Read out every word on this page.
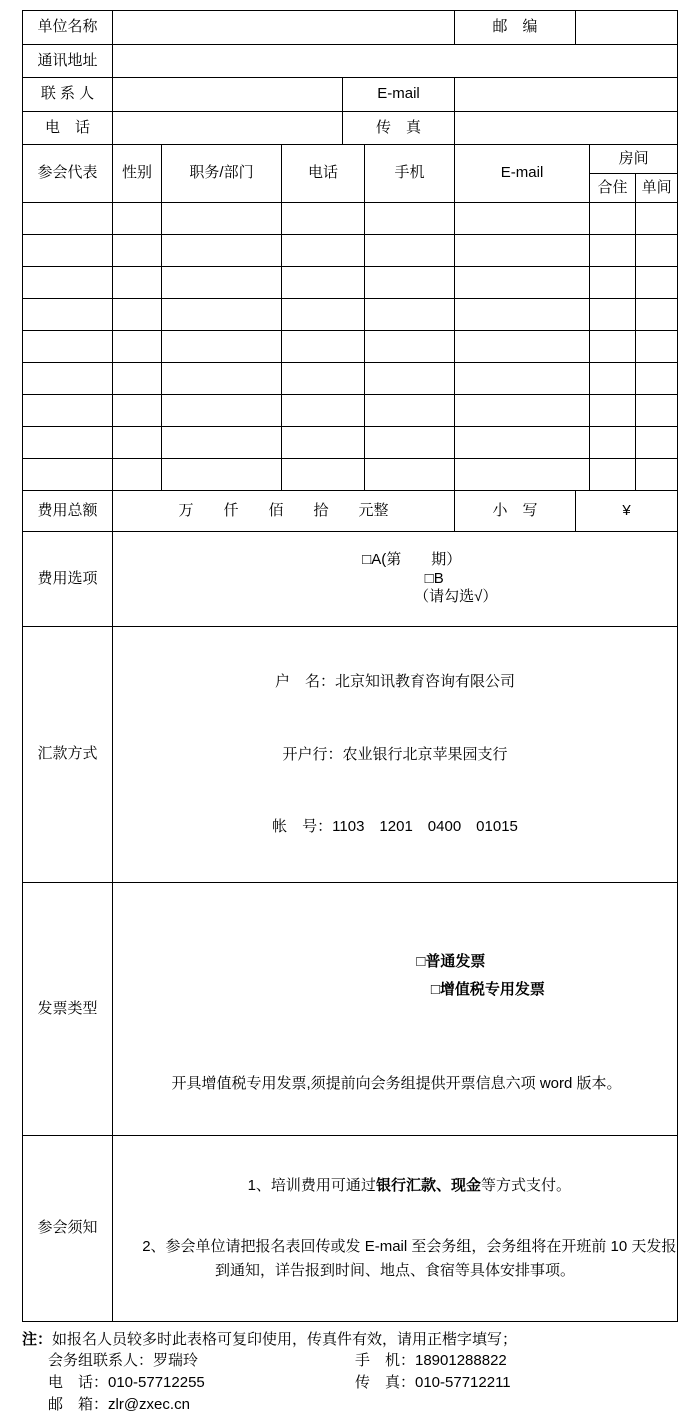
单位名称						邮　编			
通讯地址									
联 系 人				E-mail					
电　话				传　真					
参会代表	性别	职务/部门	电话		手机	E-mail		房间	
								合住	单间

费用总额	万　　仟　　佰　　拾　　元整					小　写	¥		
费用选项	□A(第　　期）
□B
（请勾选√）								

汇款方式	户　名：北京知讯教育咨询有限公司

开户行：农业银行北京苹果园支行

帐　号：1103　1201　0400　01015								

发票类型	□普通发票
□增值税专用发票

开具增值税专用发票,须提前向会务组提供开票信息六项 word 版本。								

参会须知	1、培训费用可通过银行汇款、现金等方式支付。

2、参会单位请把报名表回传或发 E-mail 至会务组，会务组将在开班前 10 天发报到通知，详告报到时间、地点、食宿等具体安排事项。								

注：如报名人员较多时此表格可复印使用，传真件有效，请用正楷字填写；
会务组联系人：罗瑞玲	手　机：18901288822
电　话：010-57712255	传　真：010-57712211
邮　箱：zlr@zxec.cn
